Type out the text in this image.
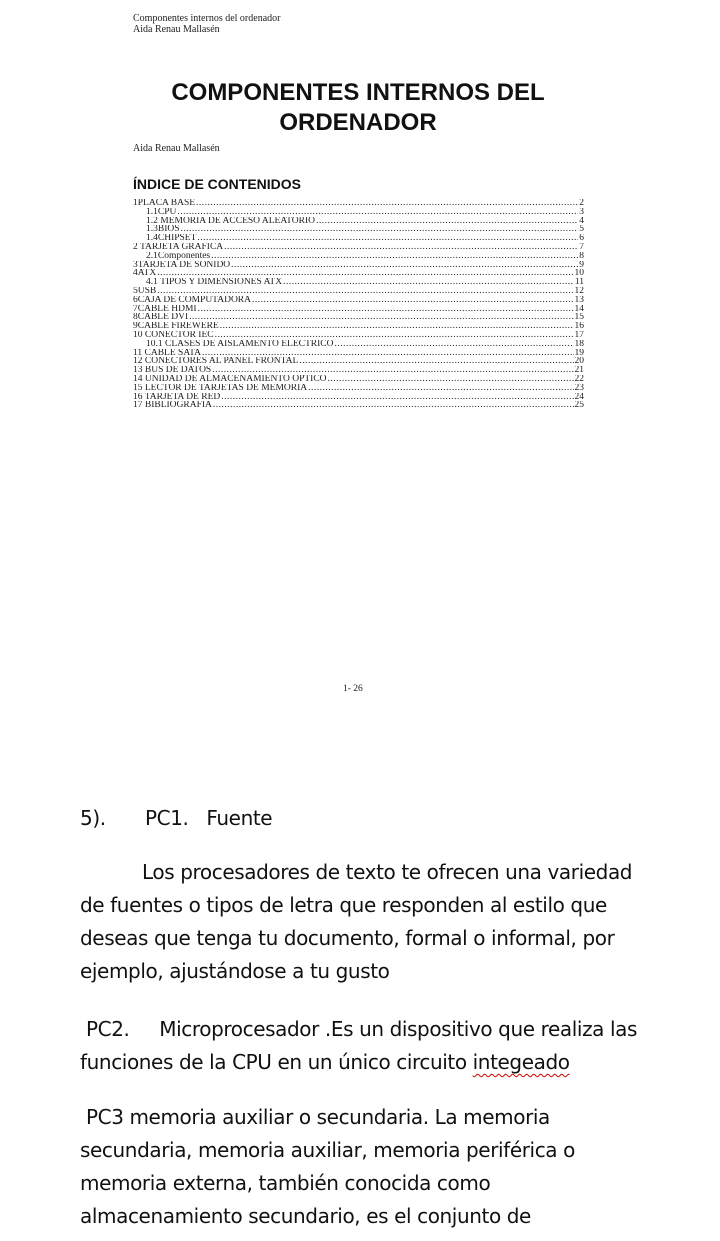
Componentes internos del ordenador
Aida Renau Mallasén
COMPONENTES INTERNOS DEL
ORDENADOR
Aida Renau Mallasén
ÍNDICE DE CONTENIDOS
1PLACA BASE .....	2
1.1CPU .....	3
1.2 MEMORIA DE ACCESO ALEATORIO .....	4
1.3BIOS .....	5
1.4CHIPSET .....	6
2 TARJETA GRÁFICA .....	7
2.1Componentes .....	8
3TARJETA DE SONIDO .....	9
4ATX .....	10
4.1 TIPOS Y DIMENSIONES ATX .....	11
5USB .....	12
6CAJA DE COMPUTADORA .....	13
7CABLE HDMI .....	14
8CABLE DVI .....	15
9CABLE FIREWERE .....	16
10 CONECTOR IEC .....	17
10.1 CLASES DE AISLAMENTO ELÉCTRICO .....	18
11 CABLE SATA .....	19
12 CONECTORES AL PANEL FRONTAL .....	20
13 BUS DE DATOS .....	21
14 UNIDAD DE ALMACENAMIENTO OPTICO .....	22
15 LECTOR DE TARJETAS DE MEMORIA .....	23
16 TARJETA DE RED .....	24
17 BIBLIOGRAFÍA .....	25
1- 26
5). PC1.   Fuente
Los procesadores de texto te ofrecen una variedad de fuentes o tipos de letra que responden al estilo que deseas que tenga tu documento, formal o informal, por ejemplo, ajustándose a tu gusto
PC2.     Microprocesador .Es un dispositivo que realiza las funciones de la CPU en un único circuito integeado
PC3 memoria auxiliar o secundaria. La memoria secundaria, memoria auxiliar, memoria periférica o memoria externa, también conocida como almacenamiento secundario, es el conjunto de
